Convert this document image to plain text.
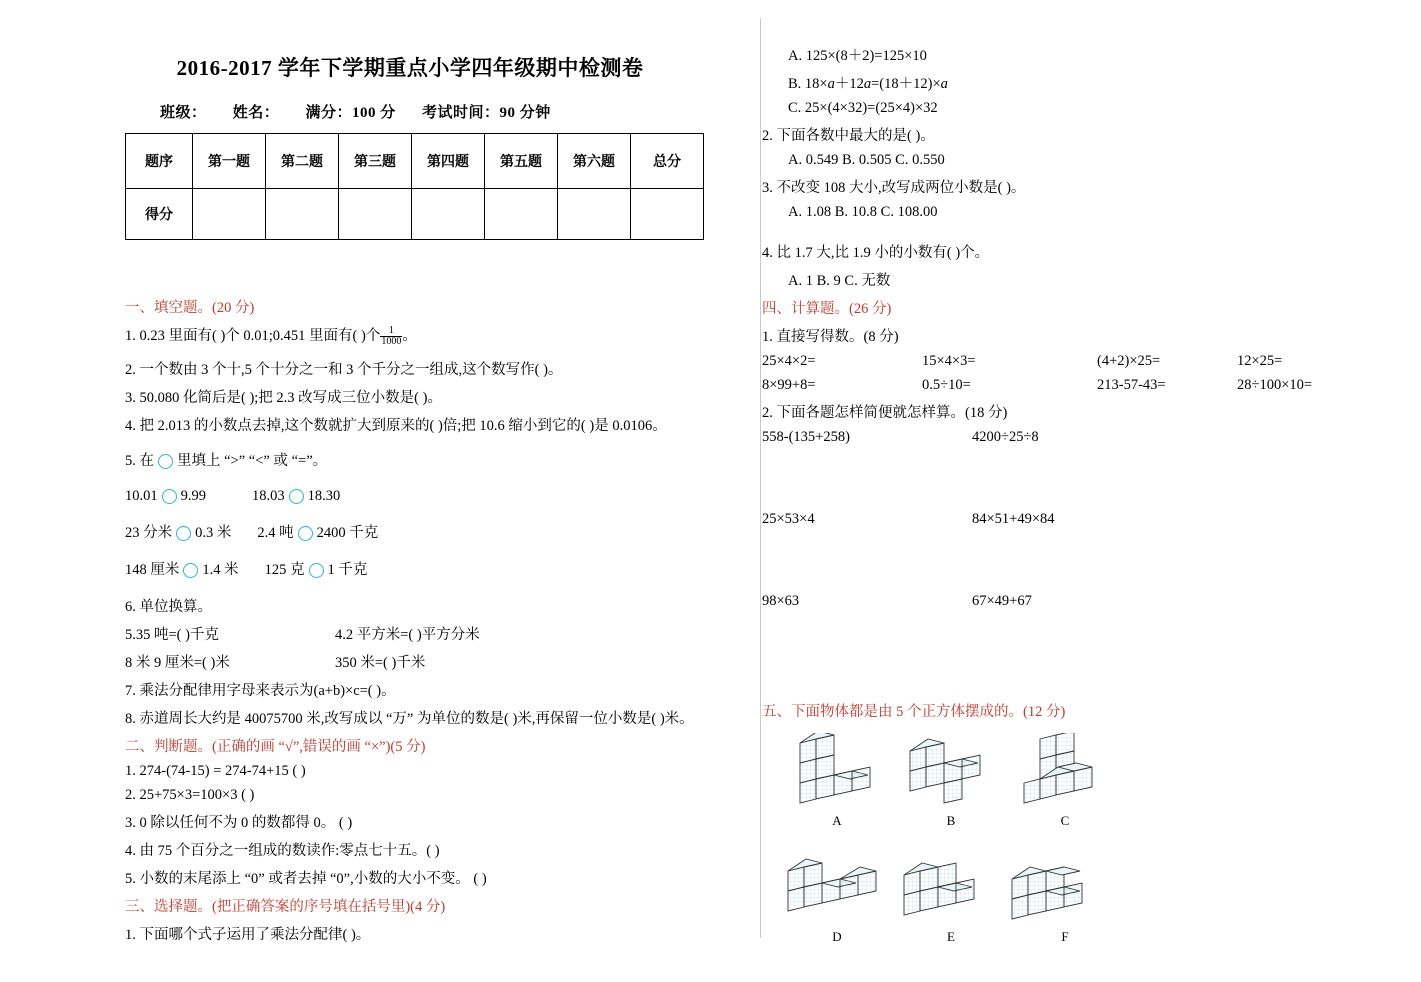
2016-2017 学年下学期重点小学四年级期中检测卷
班级： 姓名： 满分：100 分 考试时间：90 分钟
题序	第一题	第二题	第三题	第四题	第五题	第六题	总分
得分							

一、填空题。(20 分)

1. 0.23 里面有( )个 0.01;0.451 里面有( )个 $\frac{1}{1000}$ 。

2. 一个数由 3 个十,5 个十分之一和 3 个千分之一组成,这个数写作( )。

3. 50.080 化简后是( );把 2.3 改写成三位小数是( )。

4. 把 2.013 的小数点去掉,这个数就扩大到原来的( )倍;把 10.6 缩小到它的( )是 0.0106。

5. 在 里填上 “>” “<” 或 “=”。

10.01 9.99	18.03 18.30
23 分米 0.3 米 2.4 吨 2400 千克
148 厘米 1.4 米 125 克 1 千克

6. 单位换算。

5.35 吨=( )千克	4.2 平方米=( )平方分米
8 米 9 厘米=( )米	350 米=( )千米

7. 乘法分配律用字母来表示为(a+b)×c=( )。

8. 赤道周长大约是 40075700 米,改写成以 “万” 为单位的数是( )米,再保留一位小数是( )米。

二、判断题。(正确的画 “√”,错误的画 “×”)(5 分)

1. 274-(74-15) = 274-74+15 ( )

2. 25+75×3=100×3 ( )

3. 0 除以任何不为 0 的数都得 0。 ( )

4. 由 75 个百分之一组成的数读作:零点七十五。( )

5. 小数的末尾添上 “0” 或者去掉 “0”,小数的大小不变。 ( )

三、选择题。(把正确答案的序号填在括号里)(4 分)

1. 下面哪个式子运用了乘法分配律( )。

A. 125×(8＋2)=125×10

B. 18×a＋12a=(18＋12)×a

C. 25×(4×32)=(25×4)×32

2. 下面各数中最大的是( )。

A. 0.549 B. 0.505 C. 0.550

3. 不改变 108 大小,改写成两位小数是( )。

A. 1.08 B. 10.8 C. 108.00

4. 比 1.7 大,比 1.9 小的小数有( )个。

A. 1 B. 9 C. 无数

四、计算题。(26 分)

1. 直接写得数。(8 分)

25×4×2=	15×4×3=	(4+2)×25=	12×25=
8×99+8=	0.5÷10=	213-57-43=	28÷100×10=

2. 下面各题怎样简便就怎样算。(18 分)

558-(135+258)	4200÷25÷8
25×53×4	84×51+49×84
98×63	67×49+67

五、下面物体都是由 5 个正方体摆成的。(12 分)

A
	B
	C
D
	E
	F
